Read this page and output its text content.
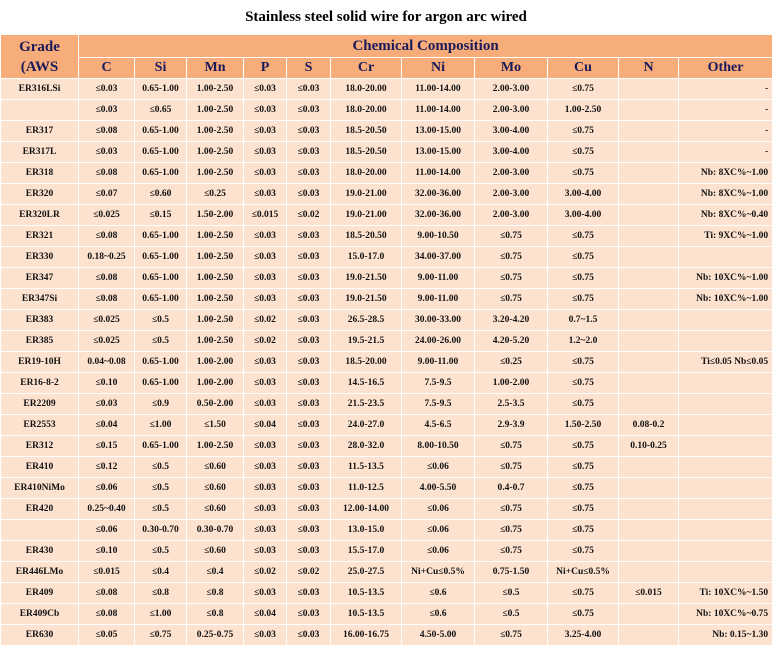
Stainless steel solid wire for argon arc wired
Grade (AWS	Chemical Composition										
	C	Si	Mn	P	S	Cr	Ni	Mo	Cu	N	Other
ER316LSi	≤0.03	0.65-1.00	1.00-2.50	≤0.03	≤0.03	18.0-20.00	11.00-14.00	2.00-3.00	≤0.75		-
	≤0.03	≤0.65	1.00-2.50	≤0.03	≤0.03	18.0-20.00	11.00-14.00	2.00-3.00	1.00-2.50		-
ER317	≤0.08	0.65-1.00	1.00-2.50	≤0.03	≤0.03	18.5-20.50	13.00-15.00	3.00-4.00	≤0.75		-
ER317L	≤0.03	0.65-1.00	1.00-2.50	≤0.03	≤0.03	18.5-20.50	13.00-15.00	3.00-4.00	≤0.75		-
ER318	≤0.08	0.65-1.00	1.00-2.50	≤0.03	≤0.03	18.0-20.00	11.00-14.00	2.00-3.00	≤0.75		Nb: 8XC%~1.00
ER320	≤0.07	≤0.60	≤0.25	≤0.03	≤0.03	19.0-21.00	32.00-36.00	2.00-3.00	3.00-4.00		Nb: 8XC%~1.00
ER320LR	≤0.025	≤0.15	1.50-2.00	≤0.015	≤0.02	19.0-21.00	32.00-36.00	2.00-3.00	3.00-4.00		Nb: 8XC%~0.40
ER321	≤0.08	0.65-1.00	1.00-2.50	≤0.03	≤0.03	18.5-20.50	9.00-10.50	≤0.75	≤0.75		Ti: 9XC%~1.00
ER330	0.18~0.25	0.65-1.00	1.00-2.50	≤0.03	≤0.03	15.0-17.0	34.00-37.00	≤0.75	≤0.75		
ER347	≤0.08	0.65-1.00	1.00-2.50	≤0.03	≤0.03	19.0-21.50	9.00-11.00	≤0.75	≤0.75		Nb: 10XC%~1.00
ER347Si	≤0.08	0.65-1.00	1.00-2.50	≤0.03	≤0.03	19.0-21.50	9.00-11.00	≤0.75	≤0.75		Nb: 10XC%~1.00
ER383	≤0.025	≤0.5	1.00-2.50	≤0.02	≤0.03	26.5-28.5	30.00-33.00	3.20-4.20	0.7~1.5		
ER385	≤0.025	≤0.5	1.00-2.50	≤0.02	≤0.03	19.5-21.5	24.00-26.00	4.20-5.20	1.2~2.0		
ER19-10H	0.04~0.08	0.65-1.00	1.00-2.00	≤0.03	≤0.03	18.5-20.00	9.00-11.00	≤0.25	≤0.75		Ti≤0.05 Nb≤0.05
ER16-8-2	≤0.10	0.65-1.00	1.00-2.00	≤0.03	≤0.03	14.5-16.5	7.5-9.5	1.00-2.00	≤0.75		
ER2209	≤0.03	≤0.9	0.50-2.00	≤0.03	≤0.03	21.5-23.5	7.5-9.5	2.5-3.5	≤0.75		
ER2553	≤0.04	≤1.00	≤1.50	≤0.04	≤0.03	24.0-27.0	4.5-6.5	2.9-3.9	1.50-2.50	0.08-0.2	
ER312	≤0.15	0.65-1.00	1.00-2.50	≤0.03	≤0.03	28.0-32.0	8.00-10.50	≤0.75	≤0.75	0.10-0.25	
ER410	≤0.12	≤0.5	≤0.60	≤0.03	≤0.03	11.5-13.5	≤0.06	≤0.75	≤0.75		
ER410NiMo	≤0.06	≤0.5	≤0.60	≤0.03	≤0.03	11.0-12.5	4.00-5.50	0.4-0.7	≤0.75		
ER420	0.25~0.40	≤0.5	≤0.60	≤0.03	≤0.03	12.00-14.00	≤0.06	≤0.75	≤0.75		
	≤0.06	0.30-0.70	0.30-0.70	≤0.03	≤0.03	13.0-15.0	≤0.06	≤0.75	≤0.75		
ER430	≤0.10	≤0.5	≤0.60	≤0.03	≤0.03	15.5-17.0	≤0.06	≤0.75	≤0.75		
ER446LMo	≤0.015	≤0.4	≤0.4	≤0.02	≤0.02	25.0-27.5	Ni+Cu≤0.5%	0.75-1.50	Ni+Cu≤0.5%		
ER409	≤0.08	≤0.8	≤0.8	≤0.03	≤0.03	10.5-13.5	≤0.6	≤0.5	≤0.75	≤0.015	Ti: 10XC%~1.50
ER409Cb	≤0.08	≤1.00	≤0.8	≤0.04	≤0.03	10.5-13.5	≤0.6	≤0.5	≤0.75		Nb: 10XC%~0.75
ER630	≤0.05	≤0.75	0.25-0.75	≤0.03	≤0.03	16.00-16.75	4.50-5.00	≤0.75	3.25-4.00		Nb: 0.15~1.30
